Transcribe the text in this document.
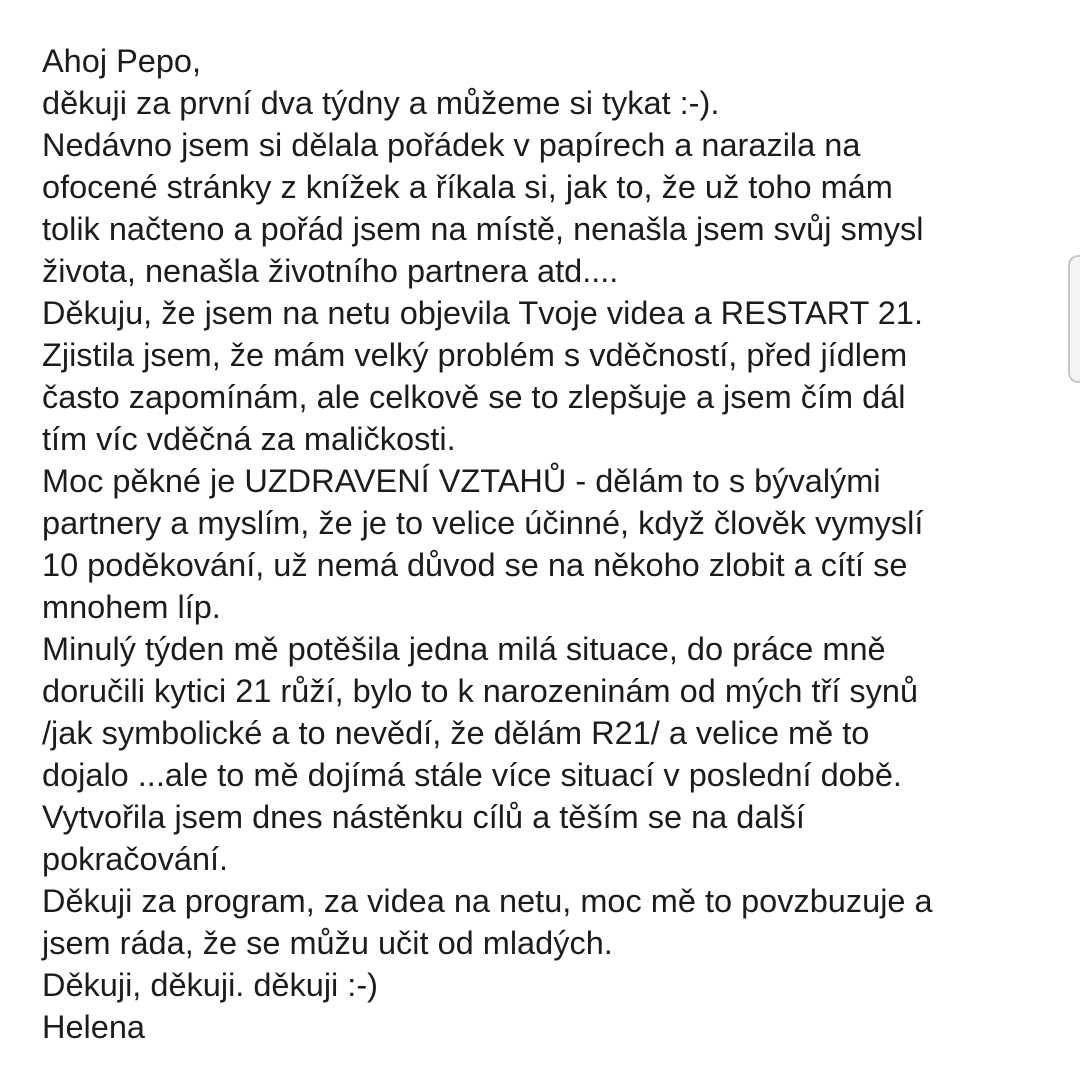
Ahoj Pepo,
děkuji za první dva týdny a můžeme si tykat :-).
Nedávno jsem si dělala pořádek v papírech a narazila na
ofocené stránky z knížek a říkala si, jak to, že už toho mám
tolik načteno a pořád jsem na místě, nenašla jsem svůj smysl
života, nenašla životního partnera atd....
Děkuju, že jsem na netu objevila Tvoje videa a RESTART 21.
Zjistila jsem, že mám velký problém s vděčností, před jídlem
často zapomínám, ale celkově se to zlepšuje a jsem čím dál
tím víc vděčná za maličkosti.
Moc pěkné je UZDRAVENÍ VZTAHŮ - dělám to s bývalými
partnery a myslím, že je to velice účinné, když člověk vymyslí
10 poděkování, už nemá důvod se na někoho zlobit a cítí se
mnohem líp.
Minulý týden mě potěšila jedna milá situace, do práce mně
doručili kytici 21 růží, bylo to k narozeninám od mých tří synů
/jak symbolické a to nevědí, že dělám R21/ a velice mě to
dojalo ...ale to mě dojímá stále více situací v poslední době.
Vytvořila jsem dnes nástěnku cílů a těším se na další
pokračování.
Děkuji za program, za videa na netu, moc mě to povzbuzuje a
jsem ráda, že se můžu učit od mladých.
Děkuji, děkuji. děkuji :-)
Helena
